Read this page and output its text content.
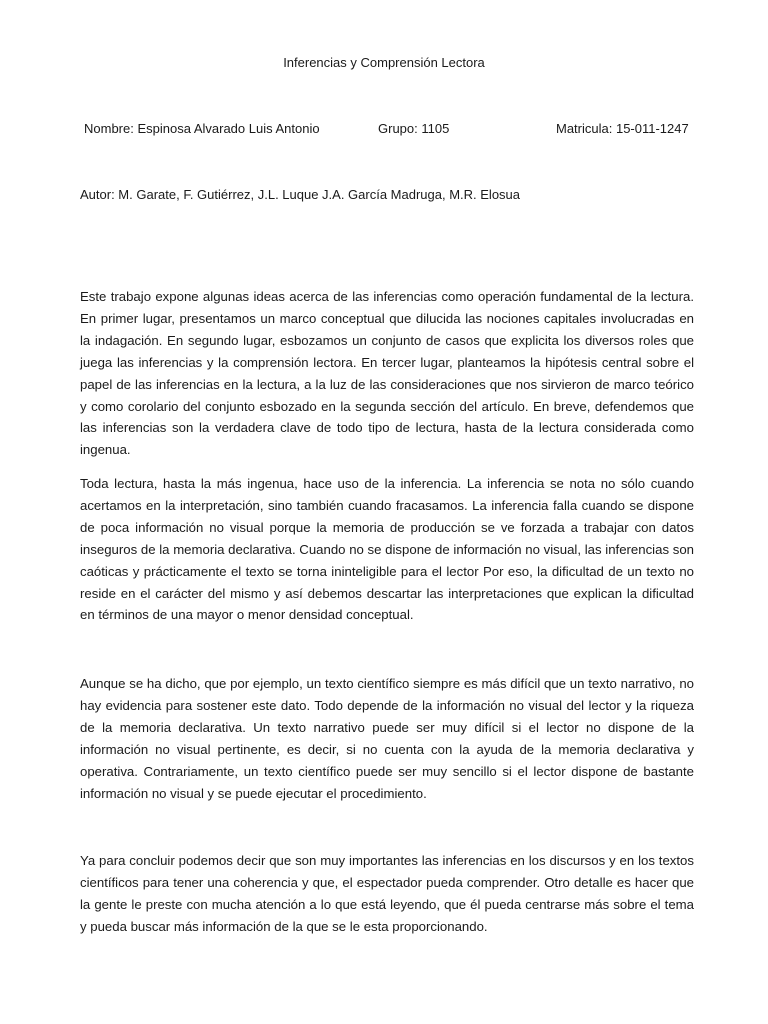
Inferencias y Comprensión Lectora
Nombre: Espinosa Alvarado Luis Antonio	Grupo: 1105	Matricula: 15-011-1247
Autor: M. Garate, F. Gutiérrez, J.L. Luque J.A. García Madruga, M.R. Elosua

Este trabajo expone algunas ideas acerca de las inferencias como operación fundamental de la lectura. En primer lugar, presentamos un marco conceptual que dilucida las nociones capitales involucradas en la indagación. En segundo lugar, esbozamos un conjunto de casos que explicita los diversos roles que juega las inferencias y la comprensión lectora. En tercer lugar, planteamos la hipótesis central sobre el papel de las inferencias en la lectura, a la luz de las consideraciones que nos sirvieron de marco teórico y como corolario del conjunto esbozado en la segunda sección del artículo. En breve, defendemos que las inferencias son la verdadera clave de todo tipo de lectura, hasta de la lectura considerada como ingenua.

Toda lectura, hasta la más ingenua, hace uso de la inferencia. La inferencia se nota no sólo cuando acertamos en la interpretación, sino también cuando fracasamos. La inferencia falla cuando se dispone de poca información no visual porque la memoria de producción se ve forzada a trabajar con datos inseguros de la memoria declarativa. Cuando no se dispone de información no visual, las inferencias son caóticas y prácticamente el texto se torna ininteligible para el lector Por eso, la dificultad de un texto no reside en el carácter del mismo y así debemos descartar las interpretaciones que explican la dificultad en términos de una mayor o menor densidad conceptual.

Aunque se ha dicho, que por ejemplo, un texto científico siempre es más difícil que un texto narrativo, no hay evidencia para sostener este dato. Todo depende de la información no visual del lector y la riqueza de la memoria declarativa. Un texto narrativo puede ser muy difícil si el lector no dispone de la información no visual pertinente, es decir, si no cuenta con la ayuda de la memoria declarativa y operativa. Contrariamente, un texto científico puede ser muy sencillo si el lector dispone de bastante información no visual y se puede ejecutar el procedimiento.

Ya para concluir podemos decir que son muy importantes las inferencias en los discursos y en los textos científicos para tener una coherencia y que, el espectador pueda comprender. Otro detalle es hacer que la gente le preste con mucha atención a lo que está leyendo, que él pueda centrarse más sobre el tema y pueda buscar más información de la que se le esta proporcionando.
